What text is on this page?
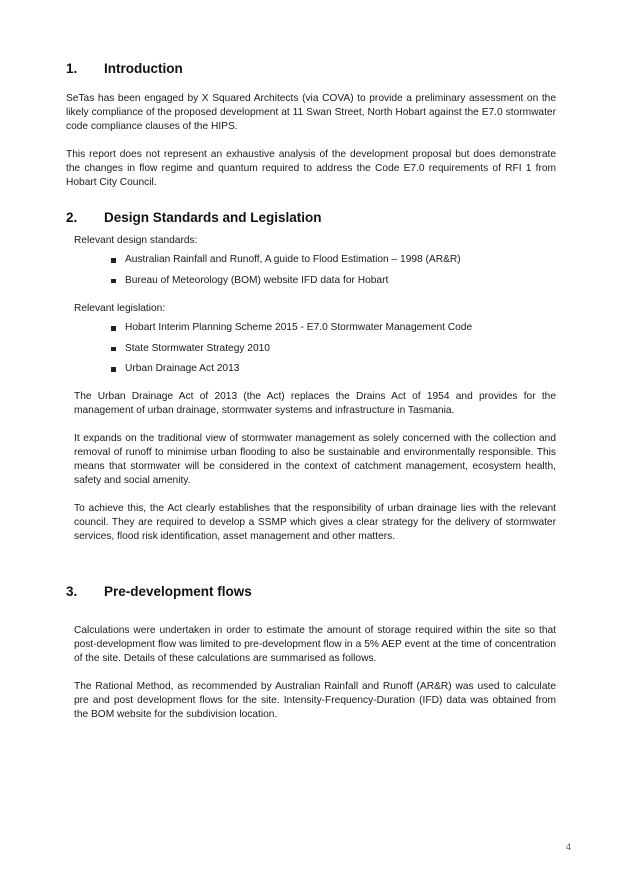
1. Introduction

SeTas has been engaged by X Squared Architects (via COVA) to provide a preliminary assessment on the likely compliance of the proposed development at 11 Swan Street, North Hobart against the E7.0 stormwater code compliance clauses of the HIPS.

This report does not represent an exhaustive analysis of the development proposal but does demonstrate the changes in flow regime and quantum required to address the Code E7.0 requirements of RFI 1 from Hobart City Council.

2. Design Standards and Legislation
Relevant design standards:
Australian Rainfall and Runoff, A guide to Flood Estimation – 1998 (AR&R)
Bureau of Meteorology (BOM) website IFD data for Hobart
Relevant legislation:
Hobart Interim Planning Scheme 2015 - E7.0 Stormwater Management Code
State Stormwater Strategy 2010
Urban Drainage Act 2013

The Urban Drainage Act of 2013 (the Act) replaces the Drains Act of 1954 and provides for the management of urban drainage, stormwater systems and infrastructure in Tasmania.

It expands on the traditional view of stormwater management as solely concerned with the collection and removal of runoff to minimise urban flooding to also be sustainable and environmentally responsible. This means that stormwater will be considered in the context of catchment management, ecosystem health, safety and social amenity.

To achieve this, the Act clearly establishes that the responsibility of urban drainage lies with the relevant council. They are required to develop a SSMP which gives a clear strategy for the delivery of stormwater services, flood risk identification, asset management and other matters.

3. Pre-development flows

Calculations were undertaken in order to estimate the amount of storage required within the site so that post-development flow was limited to pre-development flow in a 5% AEP event at the time of concentration of the site. Details of these calculations are summarised as follows.

The Rational Method, as recommended by Australian Rainfall and Runoff (AR&R) was used to calculate pre and post development flows for the site. Intensity-Frequency-Duration (IFD) data was obtained from the BOM website for the subdivision location.

4
